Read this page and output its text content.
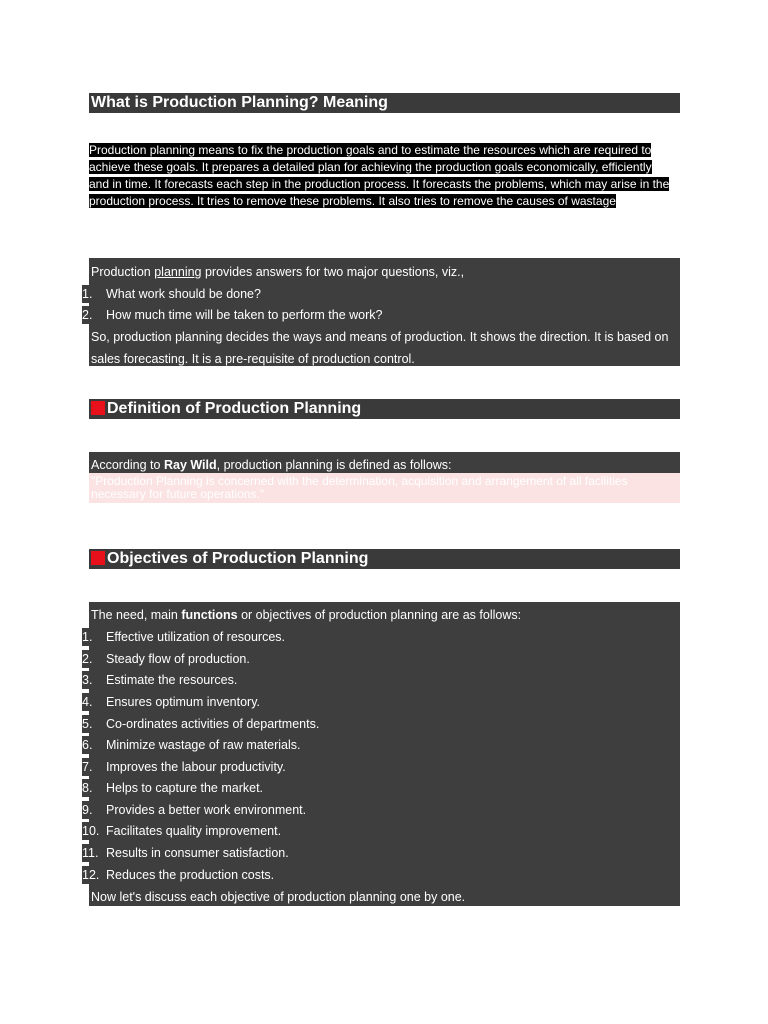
What is Production Planning? Meaning
Production planning means to fix the production goals and to estimate the resources which are required to achieve these goals. It prepares a detailed plan for achieving the production goals economically, efficiently and in time. It forecasts each step in the production process. It forecasts the problems, which may arise in the production process. It tries to remove these problems. It also tries to remove the causes of wastage
Production planning provides answers for two major questions, viz.,
1.	What work should be done?
2.	How much time will be taken to perform the work?
So, production planning decides the ways and means of production. It shows the direction. It is based on
sales forecasting. It is a pre-requisite of production control.
Definition of Production Planning
According to Ray Wild, production planning is defined as follows:
"Production Planning is concerned with the determination, acquisition and arrangement of all facilities necessary for future operations."
Objectives of Production Planning
The need, main functions or objectives of production planning are as follows:
1.	Effective utilization of resources.
2.	Steady flow of production.
3.	Estimate the resources.
4.	Ensures optimum inventory.
5.	Co-ordinates activities of departments.
6.	Minimize wastage of raw materials.
7.	Improves the labour productivity.
8.	Helps to capture the market.
9.	Provides a better work environment.
10. Facilitates quality improvement.
11. Results in consumer satisfaction.
12. Reduces the production costs.
Now let's discuss each objective of production planning one by one.
